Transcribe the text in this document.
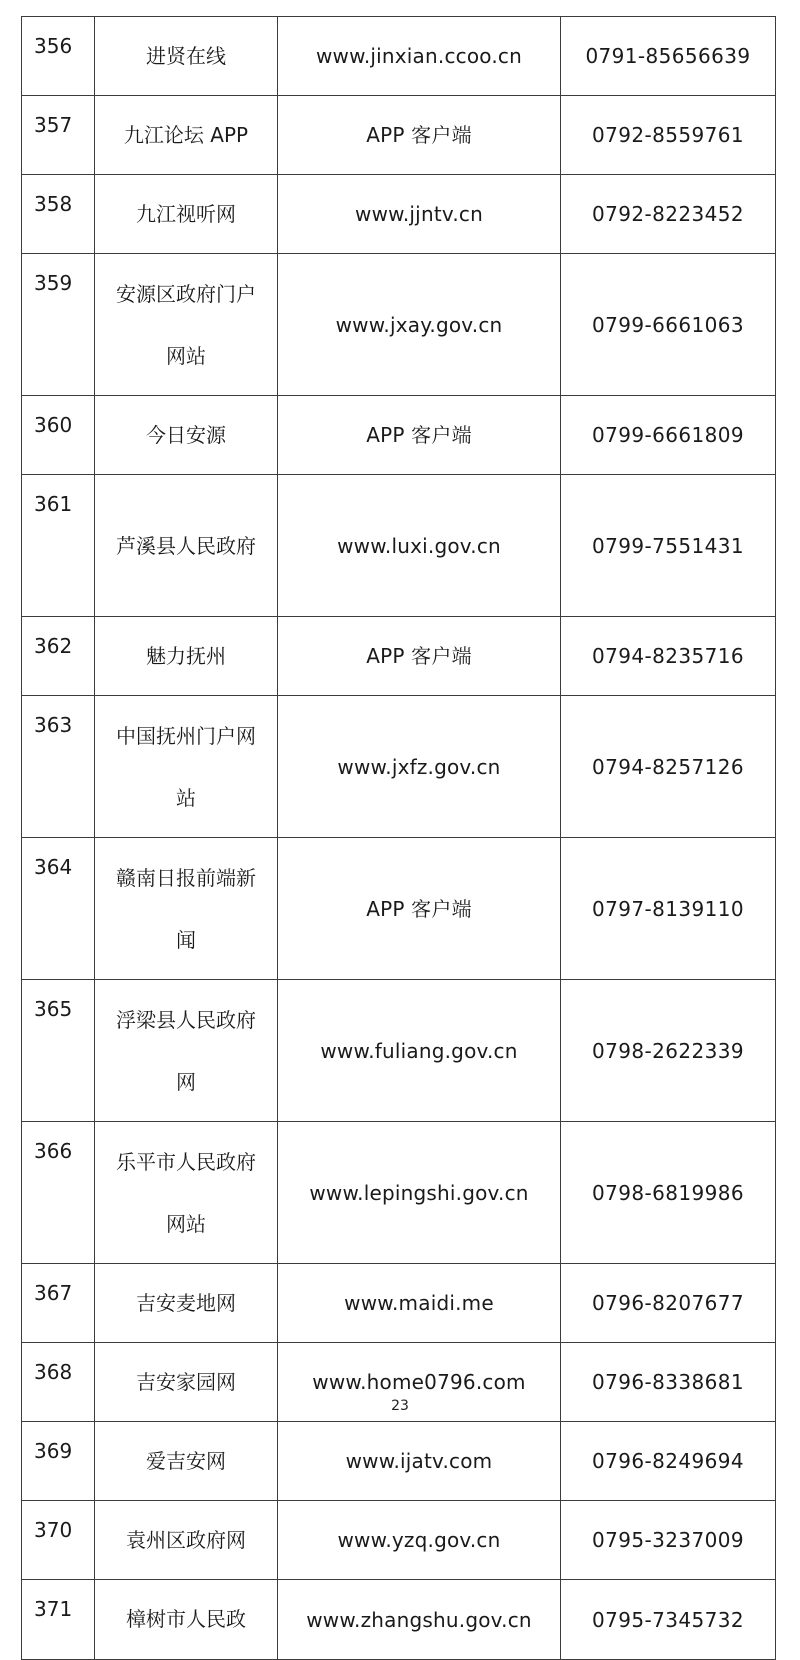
356	进贤在线	www.jinxian.ccoo.cn	0791-85656639
357	九江论坛 APP	APP 客户端	0792-8559761
358	九江视听网	www.jjntv.cn	0792-8223452
359	安源区政府门户网站	www.jxay.gov.cn	0799-6661063
360	今日安源	APP 客户端	0799-6661809
361	芦溪县人民政府	www.luxi.gov.cn	0799-7551431
362	魅力抚州	APP 客户端	0794-8235716
363	中国抚州门户网站	www.jxfz.gov.cn	0794-8257126
364	赣南日报前端新闻	APP 客户端	0797-8139110
365	浮梁县人民政府网	www.fuliang.gov.cn	0798-2622339
366	乐平市人民政府网站	www.lepingshi.gov.cn	0798-6819986
367	吉安麦地网	www.maidi.me	0796-8207677
368	吉安家园网	www.home0796.com	0796-8338681
369	爱吉安网	www.ijatv.com	0796-8249694
370	袁州区政府网	www.yzq.gov.cn	0795-3237009
371	樟树市人民政	www.zhangshu.gov.cn	0795-7345732
23
